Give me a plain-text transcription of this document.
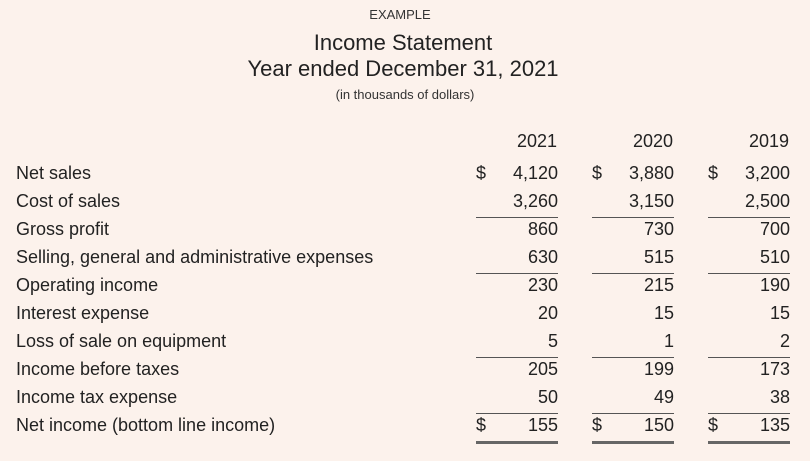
EXAMPLE
Income Statement
Year ended December 31, 2021
(in thousands of dollars)
2021	2020	2019
Net sales	$ 4,120 $ 3,880 $ 3,200
Cost of sales	3,260	3,150	2,500
Gross profit	860	730	700
Selling, general and administrative expenses	630	515	510
Operating income	230	215	190
Interest expense	20	15	15
Loss of sale on equipment	5	1	2
Income before taxes	205	199	173
Income tax expense	50	49	38
Net income (bottom line income)	$ 155 $ 150 $ 135
